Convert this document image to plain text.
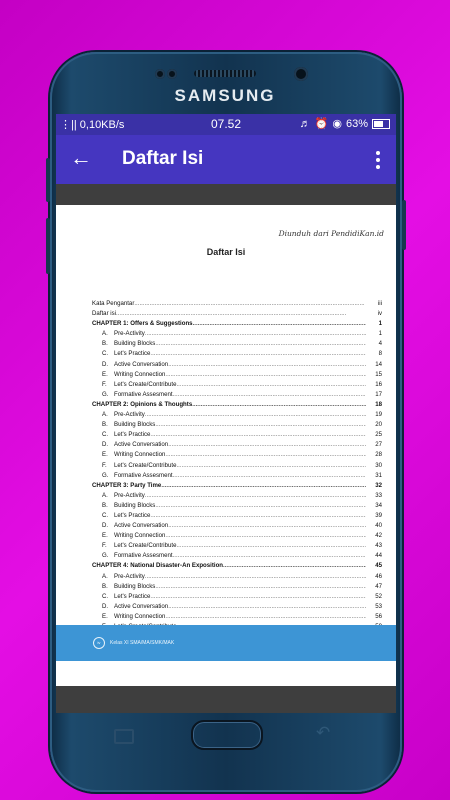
SAMSUNG
⋮|| 0,10KB/s	07.52	♬ ⏰ ◉ 63%
← Daftar Isi
Diunduh dari PendidiKan.id
Daftar Isi
Kata Pengantar .....	iii
Daftar isi .....	iv
CHAPTER 1: Offers & Suggestions .....	1
A. Pre-Activity .....	1
B. Building Blocks .....	4
C. Let's Practice .....	8
D. Active Conversation .....	14
E. Writing Connection .....	15
F. Let's Create/Contribute .....	16
G. Formative Assesment .....	17
CHAPTER 2: Opinions & Thoughts .....	18
A. Pre-Activity .....	19
B. Building Blocks .....	20
C. Let's Practice .....	25
D. Active Conversation .....	27
E. Writing Connection .....	28
F. Let's Create/Contribute .....	30
G. Formative Assesment .....	31
CHAPTER 3: Party Time .....	32
A. Pre-Activity .....	33
B. Building Blocks .....	34
C. Let's Practice .....	39
D. Active Conversation .....	40
E. Writing Connection .....	42
F. Let's Create/Contribute .....	43
G. Formative Assesment .....	44
CHAPTER 4: National Disaster-An Exposition .....	45
A. Pre-Activity .....	46
B. Building Blocks .....	47
C. Let's Practice .....	52
D. Active Conversation .....	53
E. Writing Connection .....	56
.....
.....
iv	Kelas XI SMA/MA/SMK/MAK
↶
